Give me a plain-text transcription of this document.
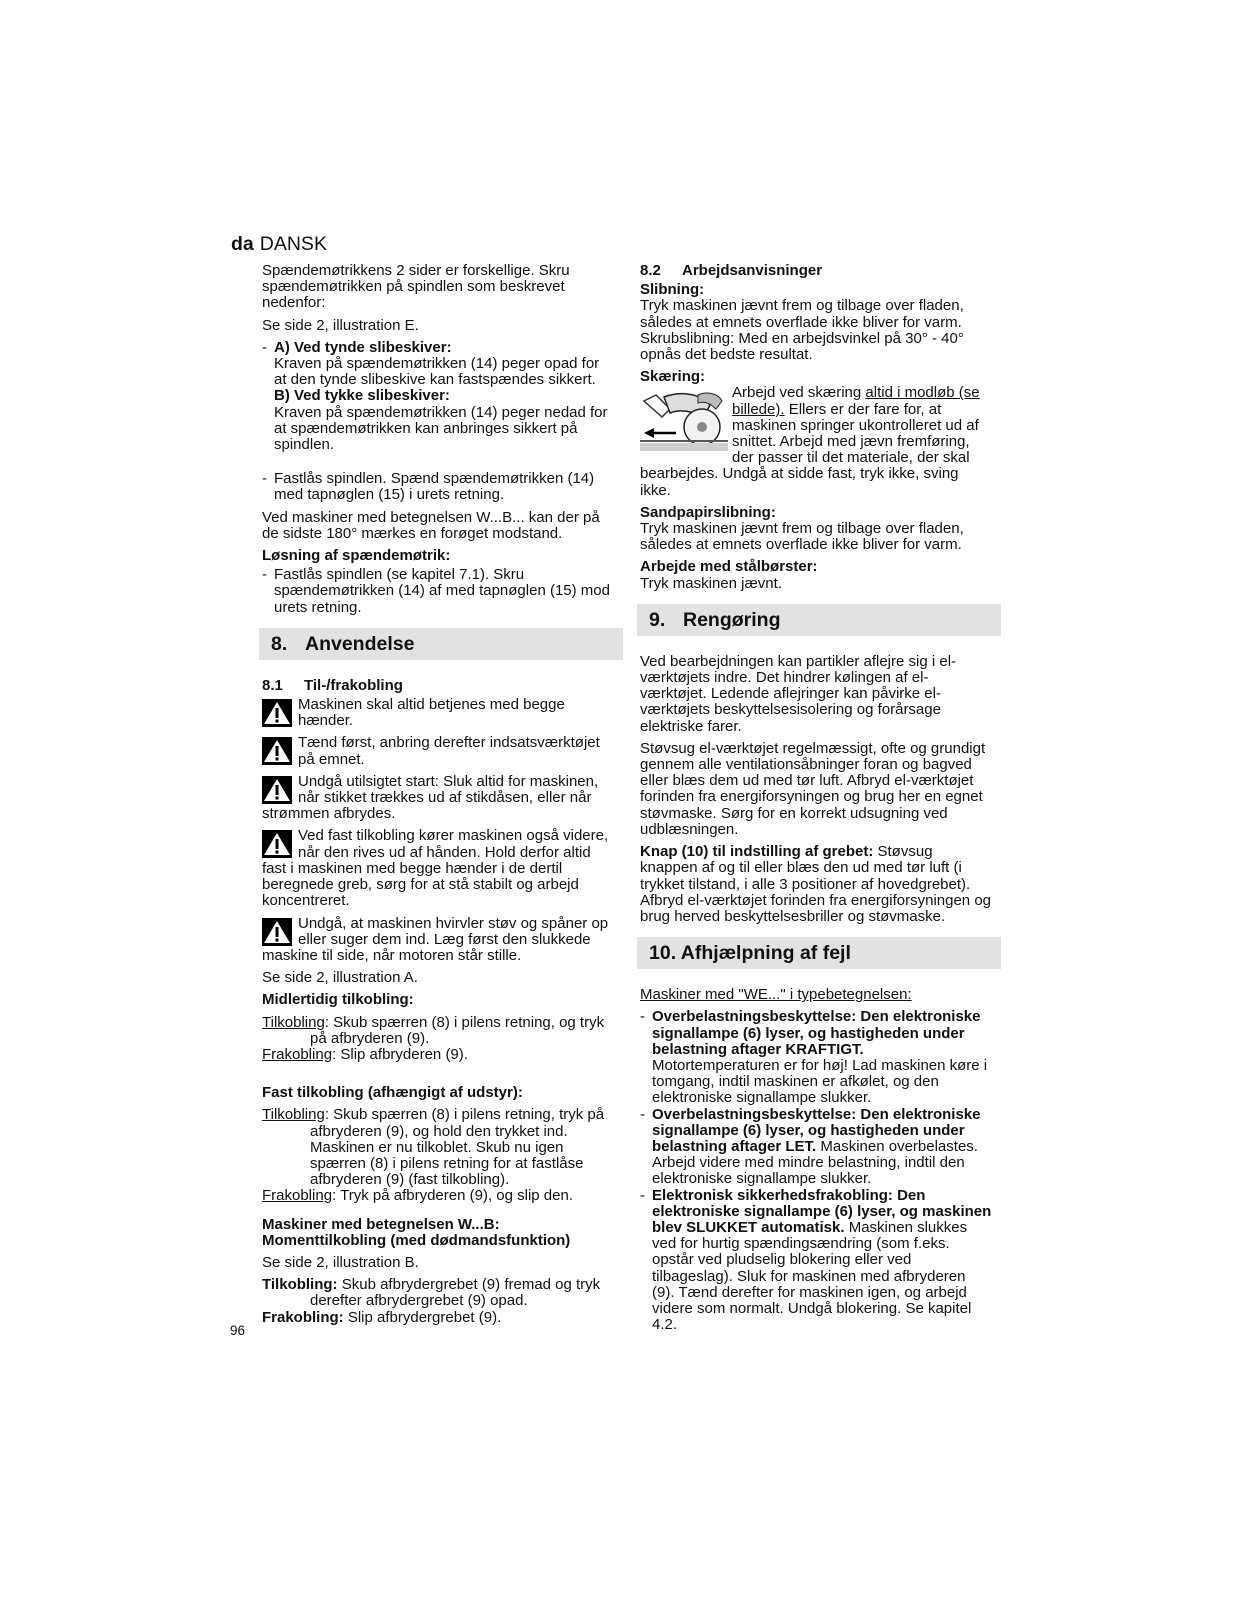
da DANSK

Spændemøtrikkens 2 sider er forskellige. Skru spændemøtrikken på spindlen som beskrevet nedenfor:

Se side 2, illustration E.

- A) Ved tynde slibeskiver:
Kraven på spændemøtrikken (14) peger opad for at den tynde slibeskive kan fastspændes sikkert.
B) Ved tykke slibeskiver:
Kraven på spændemøtrikken (14) peger nedad for at spændemøtrikken kan anbringes sikkert på spindlen.
- Fastlås spindlen. Spænd spændemøtrikken (14) med tapnøglen (15) i urets retning.

Ved maskiner med betegnelsen W...B... kan der på de sidste 180° mærkes en forøget modstand.

Løsning af spændemøtrik:

- Fastlås spindlen (se kapitel 7.1). Skru spændemøtrikken (14) af med tapnøglen (15) mod urets retning.
8. Anvendelse

8.1 Til-/frakobling

Maskinen skal altid betjenes med begge hænder.
Tænd først, anbring derefter indsatsværktøjet på emnet.
Undgå utilsigtet start: Sluk altid for maskinen, når stikket trækkes ud af stikdåsen, eller når strømmen afbrydes.
Ved fast tilkobling kører maskinen også videre, når den rives ud af hånden. Hold derfor altid fast i maskinen med begge hænder i de dertil beregnede greb, sørg for at stå stabilt og arbejd koncentreret.
Undgå, at maskinen hvirvler støv og spåner op eller suger dem ind. Læg først den slukkede maskine til side, når motoren står stille.

Se side 2, illustration A.

Midlertidig tilkobling:

Tilkobling: Skub spærren (8) i pilens retning, og tryk på afbryderen (9).

Frakobling: Slip afbryderen (9).

Fast tilkobling (afhængigt af udstyr):

Tilkobling: Skub spærren (8) i pilens retning, tryk på afbryderen (9), og hold den trykket ind. Maskinen er nu tilkoblet. Skub nu igen spærren (8) i pilens retning for at fastlåse afbryderen (9) (fast tilkobling).

Frakobling: Tryk på afbryderen (9), og slip den.

Maskiner med betegnelsen W...B: Momenttilkobling (med dødmandsfunktion)

Se side 2, illustration B.

Tilkobling: Skub afbrydergrebet (9) fremad og tryk derefter afbrydergrebet (9) opad.

Frakobling: Slip afbrydergrebet (9).

8.2 Arbejdsanvisninger

Slibning:

Tryk maskinen jævnt frem og tilbage over fladen, således at emnets overflade ikke bliver for varm. Skrubslibning: Med en arbejdsvinkel på 30° - 40° opnås det bedste resultat.

Skæring:

Arbejd ved skæring altid i modløb (se billede). Ellers er der fare for, at maskinen springer ukontrolleret ud af snittet. Arbejd med jævn fremføring, der passer til det materiale, der skal bearbejdes. Undgå at sidde fast, tryk ikke, sving ikke.

Sandpapirslibning:

Tryk maskinen jævnt frem og tilbage over fladen, således at emnets overflade ikke bliver for varm.

Arbejde med stålbørster:

Tryk maskinen jævnt.

9. Rengøring

Ved bearbejdningen kan partikler aflejre sig i el-værktøjets indre. Det hindrer kølingen af el-værktøjet. Ledende aflejringer kan påvirke el-værktøjets beskyttelsesisolering og forårsage elektriske farer.

Støvsug el-værktøjet regelmæssigt, ofte og grundigt gennem alle ventilationsåbninger foran og bagved eller blæs dem ud med tør luft. Afbryd el-værktøjet forinden fra energiforsyningen og brug her en egnet støvmaske. Sørg for en korrekt udsugning ved udblæsningen.

Knap (10) til indstilling af grebet: Støvsug knappen af og til eller blæs den ud med tør luft (i trykket tilstand, i alle 3 positioner af hovedgrebet). Afbryd el-værktøjet forinden fra energiforsyningen og brug herved beskyttelsesbriller og støvmaske.

10. Afhjælpning af fejl

Maskiner med "WE..." i typebetegnelsen:

- Overbelastningsbeskyttelse: Den elektroniske signallampe (6) lyser, og hastigheden under belastning aftager KRAFTIGT. Motortemperaturen er for høj! Lad maskinen køre i tomgang, indtil maskinen er afkølet, og den elektroniske signallampe slukker.
- Overbelastningsbeskyttelse: Den elektroniske signallampe (6) lyser, og hastigheden under belastning aftager LET. Maskinen overbelastes. Arbejd videre med mindre belastning, indtil den elektroniske signallampe slukker.
- Elektronisk sikkerhedsfrakobling: Den elektroniske signallampe (6) lyser, og maskinen blev SLUKKET automatisk. Maskinen slukkes ved for hurtig spændingsændring (som f.eks. opstår ved pludselig blokering eller ved tilbageslag). Sluk for maskinen med afbryderen (9). Tænd derefter for maskinen igen, og arbejd videre som normalt. Undgå blokering. Se kapitel 4.2.
96
